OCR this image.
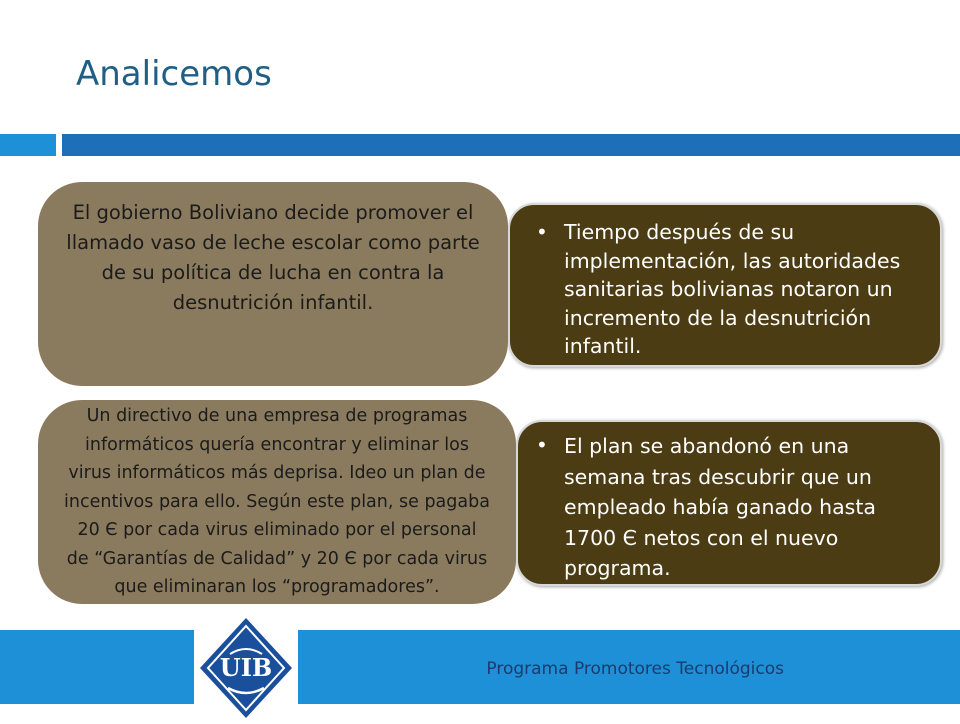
Analicemos
• Tiempo después de su implementación, las autoridades sanitarias bolivianas notaron un incremento de la desnutrición infantil.
El gobierno Boliviano decide promover el llamado vaso de leche escolar como parte de su política de lucha en contra la desnutrición infantil.
• El plan se abandonó en una semana tras descubrir que un empleado había ganado hasta 1700 Є netos con el nuevo programa.
Un directivo de una empresa de programas informáticos quería encontrar y eliminar los virus informáticos más deprisa. Ideo un plan de incentivos para ello. Según este plan, se pagaba 20 Є por cada virus eliminado por el personal de “Garantías de Calidad” y 20 Є por cada virus que eliminaran los “programadores”.
UIB	Programa Promotores Tecnológicos
